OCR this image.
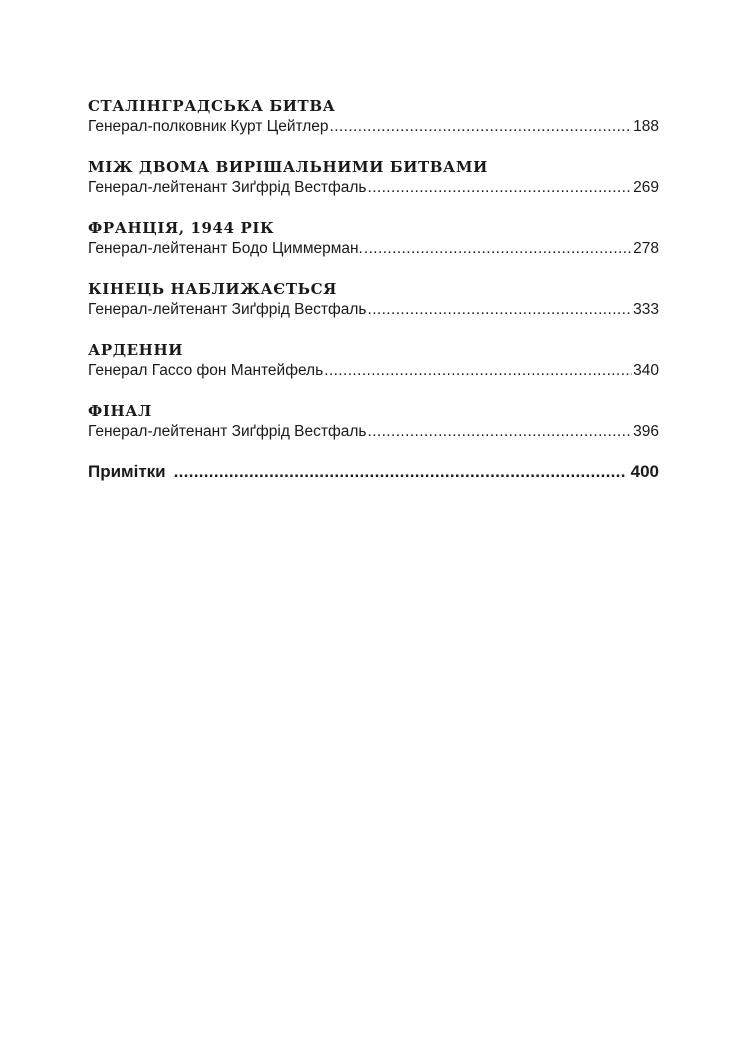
СТАЛІНГРАДСЬКА БИТВА
Генерал-полковник Курт Цейтлер .....	188
МІЖ ДВОМА ВИРІШАЛЬНИМИ БИТВАМИ
Генерал-лейтенант Зиґфрід Вестфаль .....	269
ФРАНЦІЯ, 1944 РІК
Генерал-лейтенант Бодо Циммерман. .....	278
КІНЕЦЬ НАБЛИЖАЄТЬСЯ
Генерал-лейтенант Зиґфрід Вестфаль .....	333
АРДЕННИ
Генерал Гассо фон Мантейфель .....	340
ФІНАЛ
Генерал-лейтенант Зиґфрід Вестфаль .....	396
Примітки .....	400
